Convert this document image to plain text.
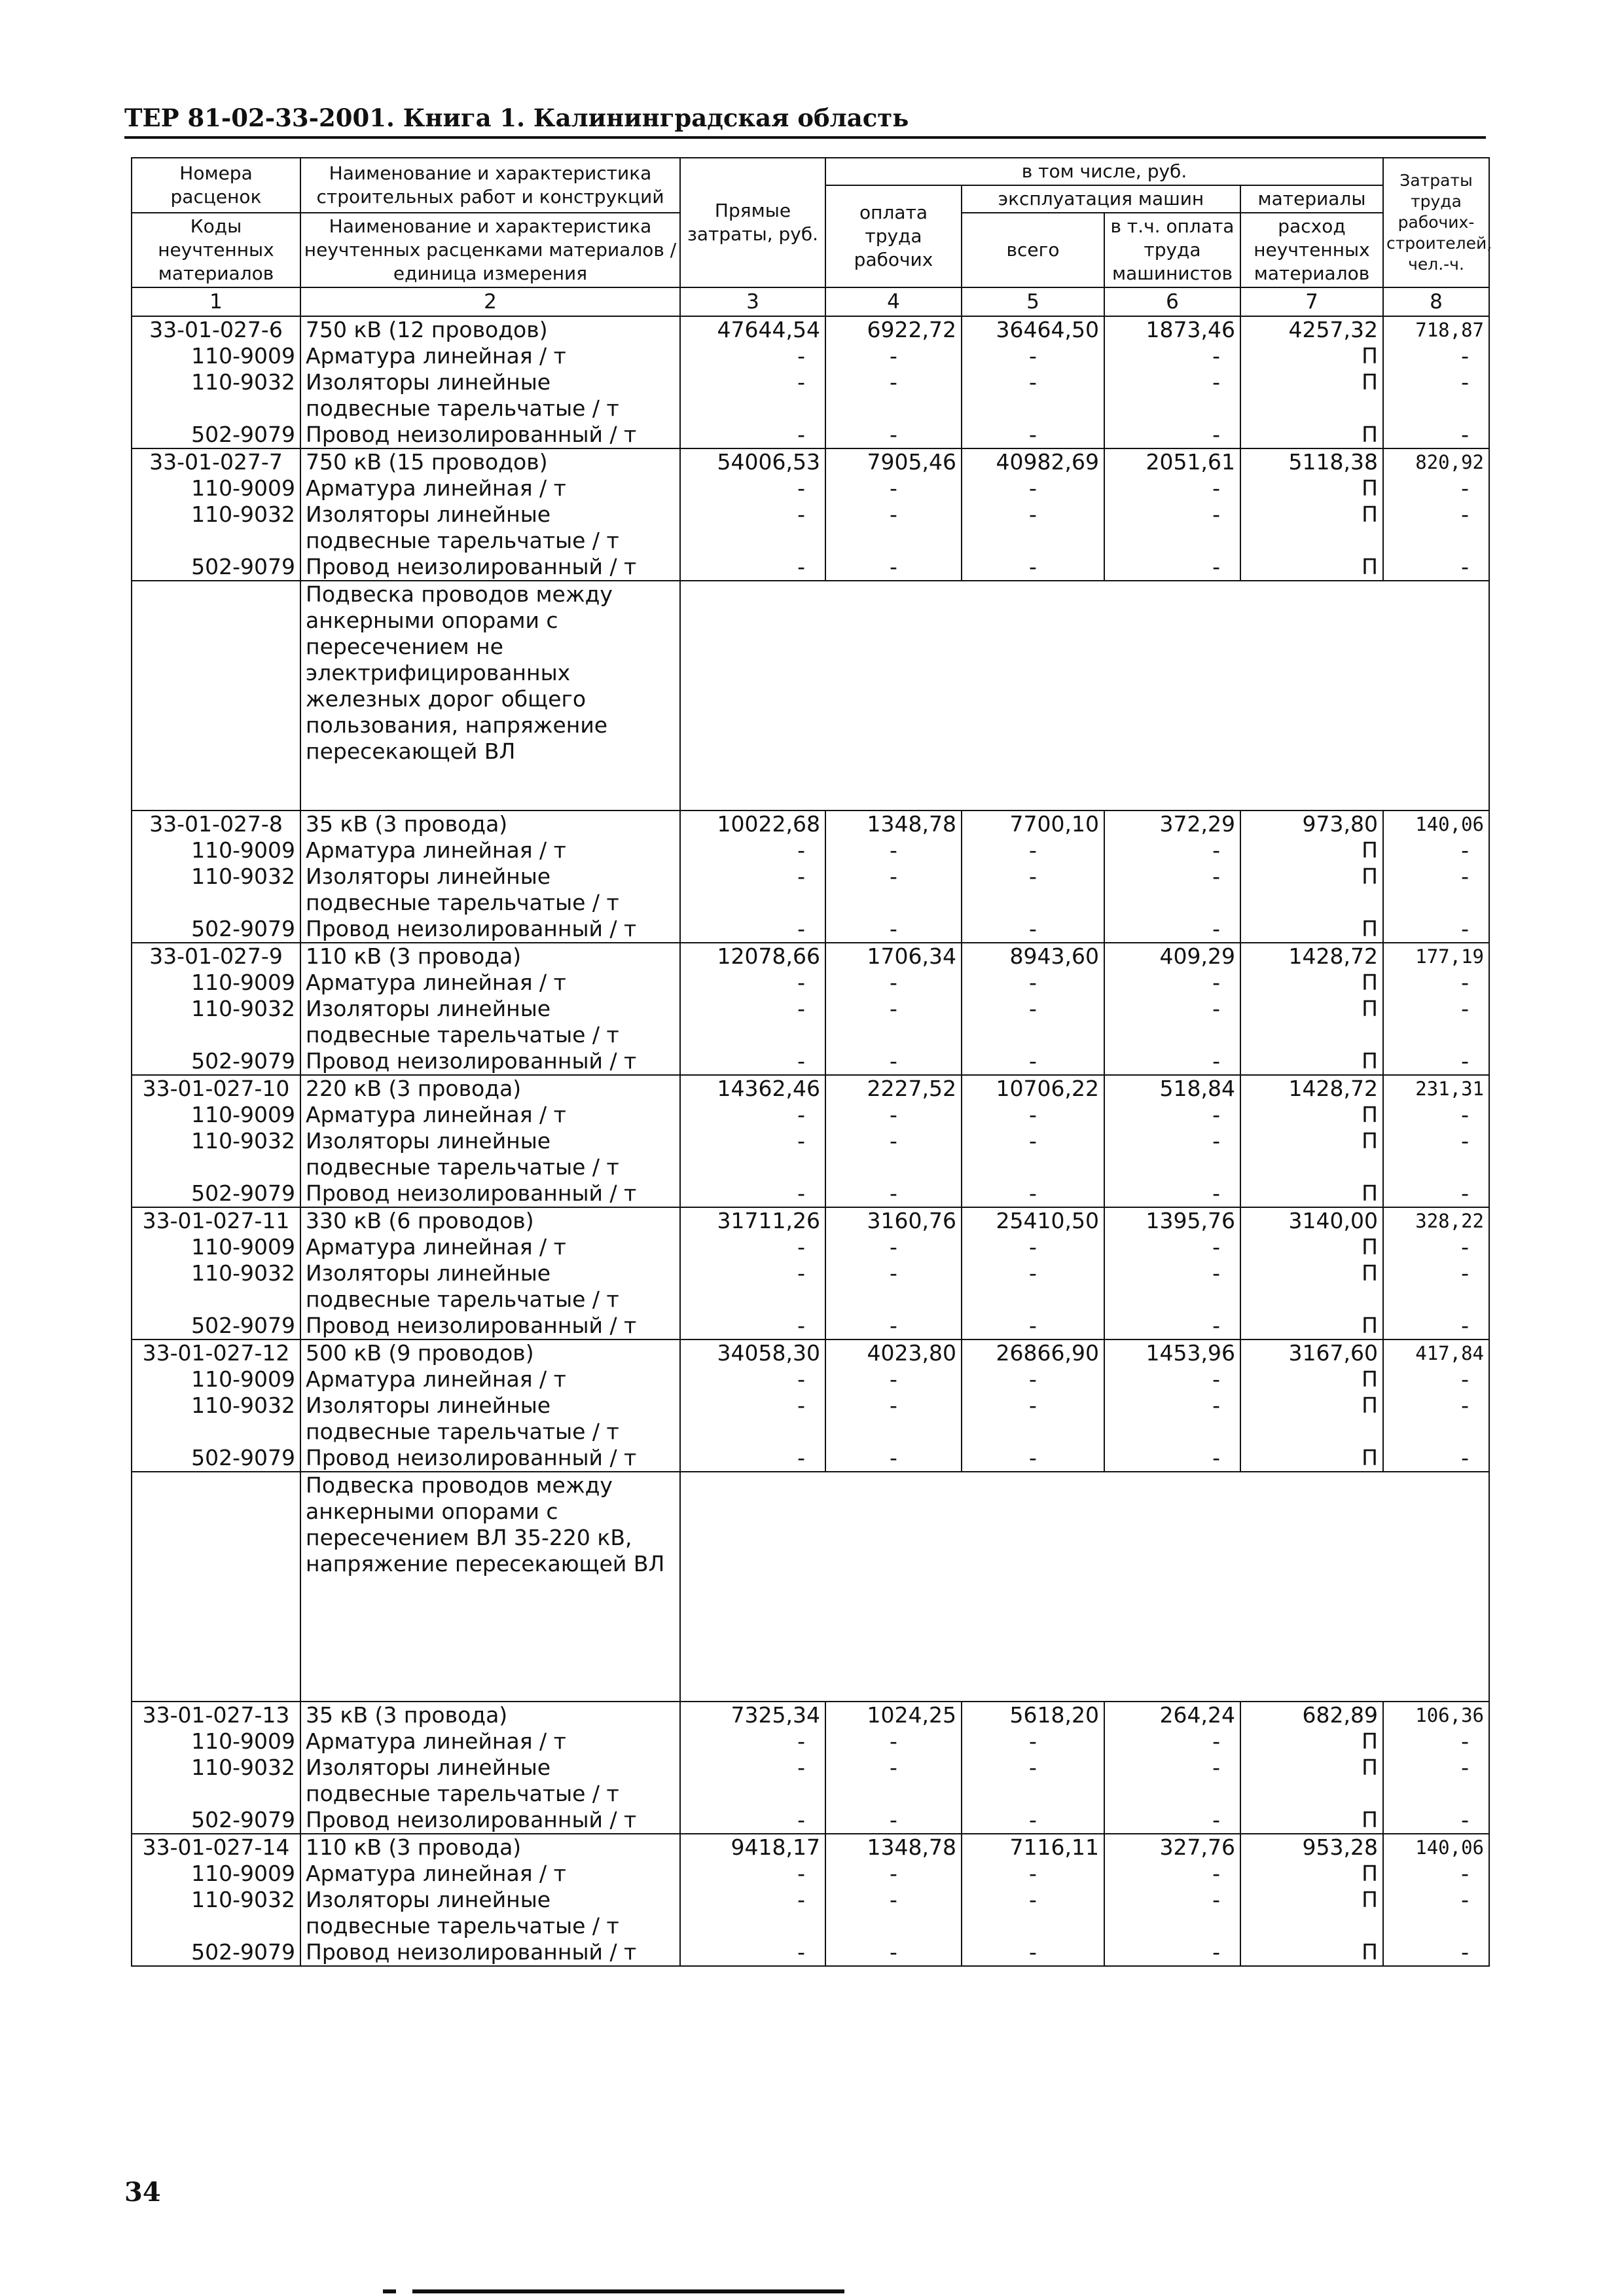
ТЕР 81-02-33-2001. Книга 1. Калининградская область
Номера расценок	Наименование и характеристика строительных работ и конструкций	Прямые затраты, руб.	в том числе, руб.				Затраты труда рабочих-строителей, чел.-ч.
			оплата труда рабочих	эксплуатация машин		материалы	
Коды неучтенных материалов	Наименование и характеристика неучтенных расценками материалов / единица измерения			всего	в т.ч. оплата труда машинистов	расход неучтенных материалов	

1	2	3	4	5	6	7	8
33-01-027-6	750 кВ (12 проводов)	47644,54	6922,72	36464,50	1873,46	4257,32	718,87
110-9009	Арматура линейная / т	-	-	-	-	П	-
110-9032	Изоляторы линейные подвесные тарельчатые / т	-	-	-	-	П	-
502-9079	Провод неизолированный / т	-	-	-	-	П	-
33-01-027-7	750 кВ (15 проводов)	54006,53	7905,46	40982,69	2051,61	5118,38	820,92
110-9009	Арматура линейная / т	-	-	-	-	П	-
110-9032	Изоляторы линейные подвесные тарельчатые / т	-	-	-	-	П	-
502-9079	Провод неизолированный / т	-	-	-	-	П	-
	Подвеска проводов между анкерными опорами с пересечением не электрифицированных железных дорог общего пользования, напряжение пересекающей ВЛ						
33-01-027-8	35 кВ (3 провода)	10022,68	1348,78	7700,10	372,29	973,80	140,06
110-9009	Арматура линейная / т	-	-	-	-	П	-
110-9032	Изоляторы линейные подвесные тарельчатые / т	-	-	-	-	П	-
502-9079	Провод неизолированный / т	-	-	-	-	П	-
33-01-027-9	110 кВ (3 провода)	12078,66	1706,34	8943,60	409,29	1428,72	177,19
110-9009	Арматура линейная / т	-	-	-	-	П	-
110-9032	Изоляторы линейные подвесные тарельчатые / т	-	-	-	-	П	-
502-9079	Провод неизолированный / т	-	-	-	-	П	-
33-01-027-10	220 кВ (3 провода)	14362,46	2227,52	10706,22	518,84	1428,72	231,31
110-9009	Арматура линейная / т	-	-	-	-	П	-
110-9032	Изоляторы линейные подвесные тарельчатые / т	-	-	-	-	П	-
502-9079	Провод неизолированный / т	-	-	-	-	П	-
33-01-027-11	330 кВ (6 проводов)	31711,26	3160,76	25410,50	1395,76	3140,00	328,22
110-9009	Арматура линейная / т	-	-	-	-	П	-
110-9032	Изоляторы линейные подвесные тарельчатые / т	-	-	-	-	П	-
502-9079	Провод неизолированный / т	-	-	-	-	П	-
33-01-027-12	500 кВ (9 проводов)	34058,30	4023,80	26866,90	1453,96	3167,60	417,84
110-9009	Арматура линейная / т	-	-	-	-	П	-
110-9032	Изоляторы линейные подвесные тарельчатые / т	-	-	-	-	П	-
502-9079	Провод неизолированный / т	-	-	-	-	П	-
	Подвеска проводов между анкерными опорами с пересечением ВЛ 35-220 кВ, напряжение пересекающей ВЛ						
33-01-027-13	35 кВ (3 провода)	7325,34	1024,25	5618,20	264,24	682,89	106,36
110-9009	Арматура линейная / т	-	-	-	-	П	-
110-9032	Изоляторы линейные подвесные тарельчатые / т	-	-	-	-	П	-
502-9079	Провод неизолированный / т	-	-	-	-	П	-
33-01-027-14	110 кВ (3 провода)	9418,17	1348,78	7116,11	327,76	953,28	140,06
110-9009	Арматура линейная / т	-	-	-	-	П	-
110-9032	Изоляторы линейные подвесные тарельчатые / т	-	-	-	-	П	-
502-9079	Провод неизолированный / т	-	-	-	-	П	-
34
